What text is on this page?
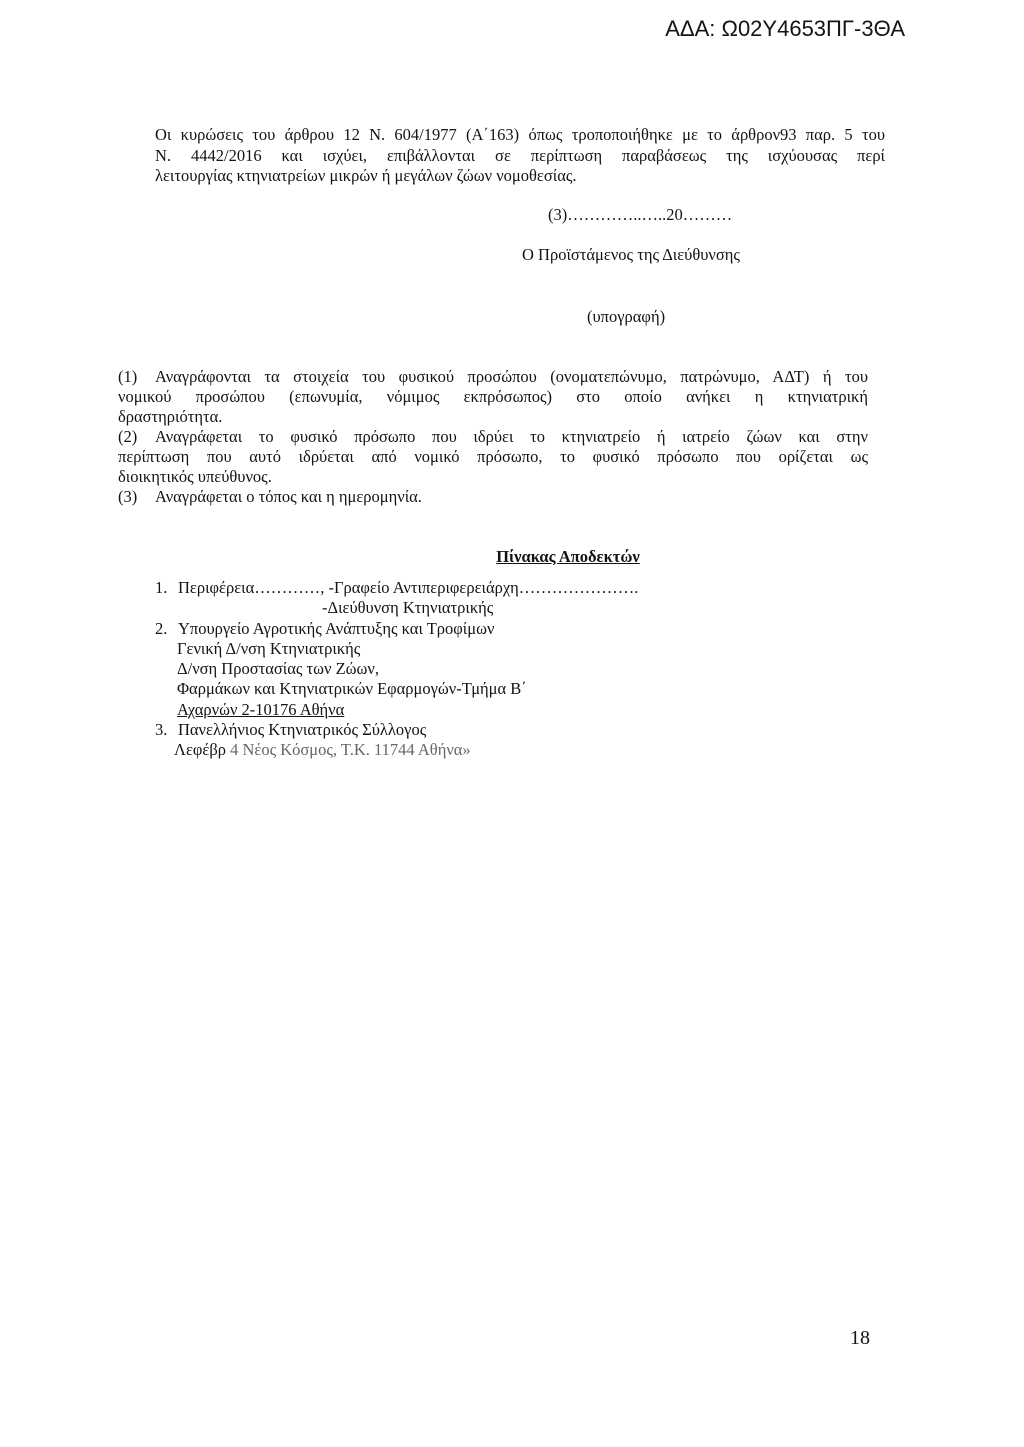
ΑΔΑ: Ω02Υ4653ΠΓ-3ΘΑ
Οι κυρώσεις του άρθρου 12 Ν. 604/1977 (Α΄163) όπως τροποποιήθηκε με το άρθρον93 παρ. 5 του
Ν. 4442/2016 και ισχύει, επιβάλλονται σε περίπτωση παραβάσεως της ισχύουσας περί
λειτουργίας κτηνιατρείων μικρών ή μεγάλων ζώων νομοθεσίας.
(3)…………..…..20………
Ο Προϊστάμενος της Διεύθυνσης
(υπογραφή)
(1) Αναγράφονται τα στοιχεία του φυσικού προσώπου (ονοματεπώνυμο, πατρώνυμο, ΑΔΤ) ή του
νομικού προσώπου (επωνυμία, νόμιμος εκπρόσωπος) στο οποίο ανήκει η κτηνιατρική
δραστηριότητα.
(2) Αναγράφεται το φυσικό πρόσωπο που ιδρύει το κτηνιατρείο ή ιατρείο ζώων και στην
περίπτωση που αυτό ιδρύεται από νομικό πρόσωπο, το φυσικό πρόσωπο που ορίζεται ως
διοικητικός υπεύθυνος.
(3) Αναγράφεται ο τόπος και η ημερομηνία.
Πίνακας Αποδεκτών
1. Περιφέρεια…………, -Γραφείο Αντιπεριφερειάρχη………………….
-Διεύθυνση Κτηνιατρικής
2. Υπουργείο Αγροτικής Ανάπτυξης και Τροφίμων
Γενική Δ/νση Κτηνιατρικής
Δ/νση Προστασίας των Ζώων,
Φαρμάκων και Κτηνιατρικών Εφαρμογών-Τμήμα Β΄
Αχαρνών 2-10176 Αθήνα
3. Πανελλήνιος Κτηνιατρικός Σύλλογος
Λεφέβρ 4 Νέος Κόσμος, Τ.Κ. 11744 Αθήνα»
18
